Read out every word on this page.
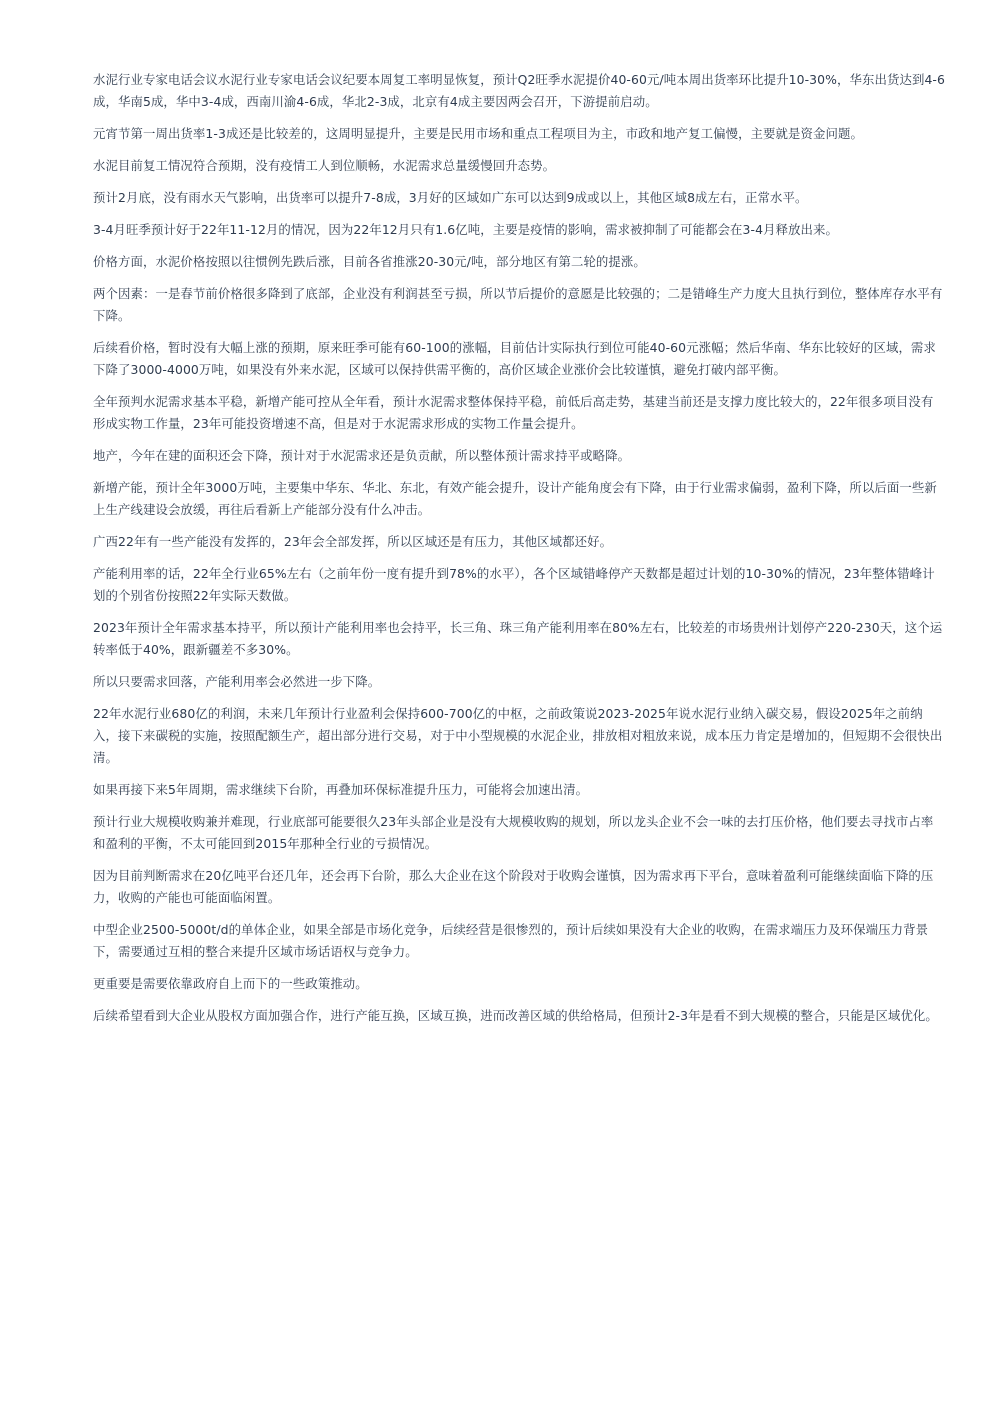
水泥行业专家电话会议水泥行业专家电话会议纪要本周复工率明显恢复，预计Q2旺季水泥提价40-60元/吨本周出货率环比提升10-30%，华东出货达到4-6成，华南5成，华中3-4成，西南川渝4-6成，华北2-3成，北京有4成主要因两会召开，下游提前启动。

元宵节第一周出货率1-3成还是比较差的，这周明显提升，主要是民用市场和重点工程项目为主，市政和地产复工偏慢，主要就是资金问题。

水泥目前复工情况符合预期，没有疫情工人到位顺畅，水泥需求总量缓慢回升态势。

预计2月底，没有雨水天气影响，出货率可以提升7-8成，3月好的区域如广东可以达到9成或以上，其他区域8成左右，正常水平。

3-4月旺季预计好于22年11-12月的情况，因为22年12月只有1.6亿吨，主要是疫情的影响，需求被抑制了可能都会在3-4月释放出来。

价格方面，水泥价格按照以往惯例先跌后涨，目前各省推涨20-30元/吨，部分地区有第二轮的提涨。

两个因素：一是春节前价格很多降到了底部，企业没有利润甚至亏损，所以节后提价的意愿是比较强的；二是错峰生产力度大且执行到位，整体库存水平有下降。

后续看价格，暂时没有大幅上涨的预期，原来旺季可能有60-100的涨幅，目前估计实际执行到位可能40-60元涨幅；然后华南、华东比较好的区域，需求下降了3000-4000万吨，如果没有外来水泥，区域可以保持供需平衡的，高价区域企业涨价会比较谨慎，避免打破内部平衡。

全年预判水泥需求基本平稳，新增产能可控从全年看，预计水泥需求整体保持平稳，前低后高走势，基建当前还是支撑力度比较大的，22年很多项目没有形成实物工作量，23年可能投资增速不高，但是对于水泥需求形成的实物工作量会提升。

地产，今年在建的面积还会下降，预计对于水泥需求还是负贡献，所以整体预计需求持平或略降。

新增产能，预计全年3000万吨，主要集中华东、华北、东北，有效产能会提升，设计产能角度会有下降，由于行业需求偏弱，盈利下降，所以后面一些新上生产线建设会放缓，再往后看新上产能部分没有什么冲击。

广西22年有一些产能没有发挥的，23年会全部发挥，所以区域还是有压力，其他区域都还好。

产能利用率的话，22年全行业65%左右（之前年份一度有提升到78%的水平），各个区域错峰停产天数都是超过计划的10-30%的情况，23年整体错峰计划的个别省份按照22年实际天数做。

2023年预计全年需求基本持平，所以预计产能利用率也会持平，长三角、珠三角产能利用率在80%左右，比较差的市场贵州计划停产220-230天，这个运转率低于40%，跟新疆差不多30%。

所以只要需求回落，产能利用率会必然进一步下降。

22年水泥行业680亿的利润，未来几年预计行业盈利会保持600-700亿的中枢，之前政策说2023-2025年说水泥行业纳入碳交易，假设2025年之前纳入，接下来碳税的实施，按照配额生产，超出部分进行交易，对于中小型规模的水泥企业，排放相对粗放来说，成本压力肯定是增加的，但短期不会很快出清。

如果再接下来5年周期，需求继续下台阶，再叠加环保标准提升压力，可能将会加速出清。

预计行业大规模收购兼并难现，行业底部可能要很久23年头部企业是没有大规模收购的规划，所以龙头企业不会一味的去打压价格，他们要去寻找市占率和盈利的平衡，不太可能回到2015年那种全行业的亏损情况。

因为目前判断需求在20亿吨平台还几年，还会再下台阶，那么大企业在这个阶段对于收购会谨慎，因为需求再下平台，意味着盈利可能继续面临下降的压力，收购的产能也可能面临闲置。

中型企业2500-5000t/d的单体企业，如果全部是市场化竞争，后续经营是很惨烈的，预计后续如果没有大企业的收购，在需求端压力及环保端压力背景下，需要通过互相的整合来提升区域市场话语权与竞争力。

更重要是需要依靠政府自上而下的一些政策推动。

后续希望看到大企业从股权方面加强合作，进行产能互换，区域互换，进而改善区域的供给格局，但预计2-3年是看不到大规模的整合，只能是区域优化。
